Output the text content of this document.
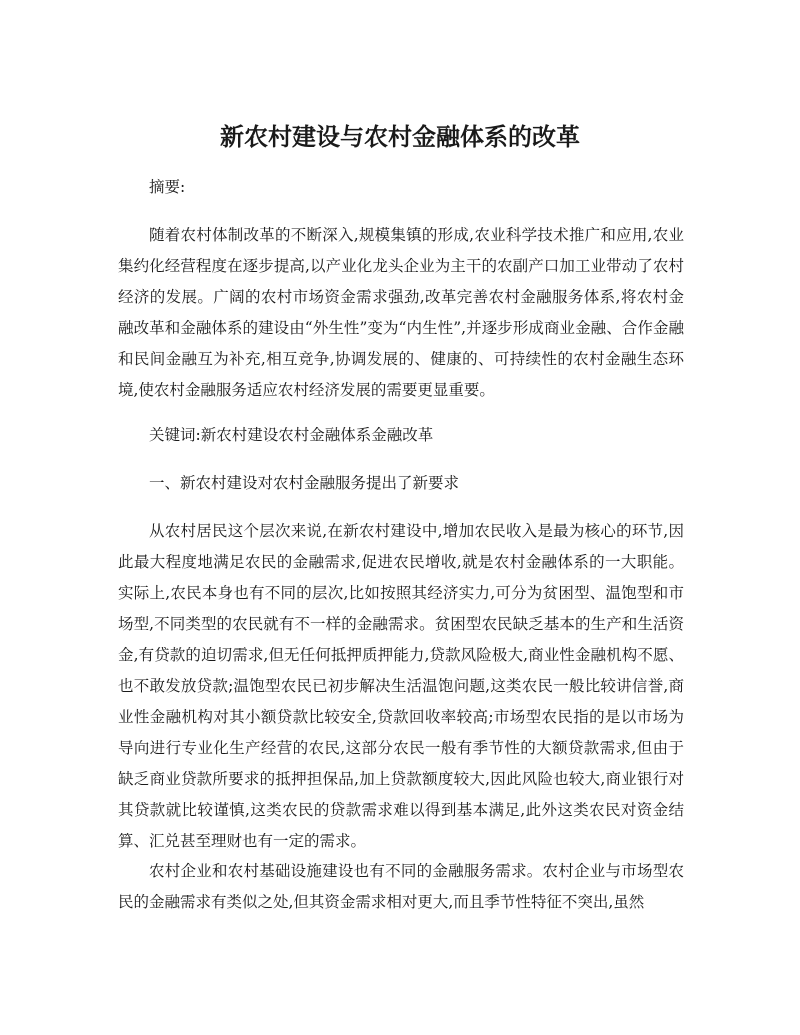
新农村建设与农村金融体系的改革

摘要:

随着农村体制改革的不断深入,规模集镇的形成,农业科学技术推广和应用,农业集约化经营程度在逐步提高,以产业化龙头企业为主干的农副产口加工业带动了农村经济的发展。广阔的农村市场资金需求强劲,改革完善农村金融服务体系,将农村金融改革和金融体系的建设由“外生性”变为“内生性”,并逐步形成商业金融、合作金融和民间金融互为补充,相互竞争,协调发展的、健康的、可持续性的农村金融生态环境,使农村金融服务适应农村经济发展的需要更显重要。

关键词:新农村建设农村金融体系金融改革

一、新农村建设对农村金融服务提出了新要求

从农村居民这个层次来说,在新农村建设中,增加农民收入是最为核心的环节,因此最大程度地满足农民的金融需求,促进农民增收,就是农村金融体系的一大职能。实际上,农民本身也有不同的层次,比如按照其经济实力,可分为贫困型、温饱型和市场型,不同类型的农民就有不一样的金融需求。贫困型农民缺乏基本的生产和生活资金,有贷款的迫切需求,但无任何抵押质押能力,贷款风险极大,商业性金融机构不愿、也不敢发放贷款;温饱型农民已初步解决生活温饱问题,这类农民一般比较讲信誉,商业性金融机构对其小额贷款比较安全,贷款回收率较高;市场型农民指的是以市场为导向进行专业化生产经营的农民,这部分农民一般有季节性的大额贷款需求,但由于缺乏商业贷款所要求的抵押担保品,加上贷款额度较大,因此风险也较大,商业银行对其贷款就比较谨慎,这类农民的贷款需求难以得到基本满足,此外这类农民对资金结算、汇兑甚至理财也有一定的需求。

农村企业和农村基础设施建设也有不同的金融服务需求。农村企业与市场型农民的金融需求有类似之处,但其资金需求相对更大,而且季节性特征不突出,虽然
